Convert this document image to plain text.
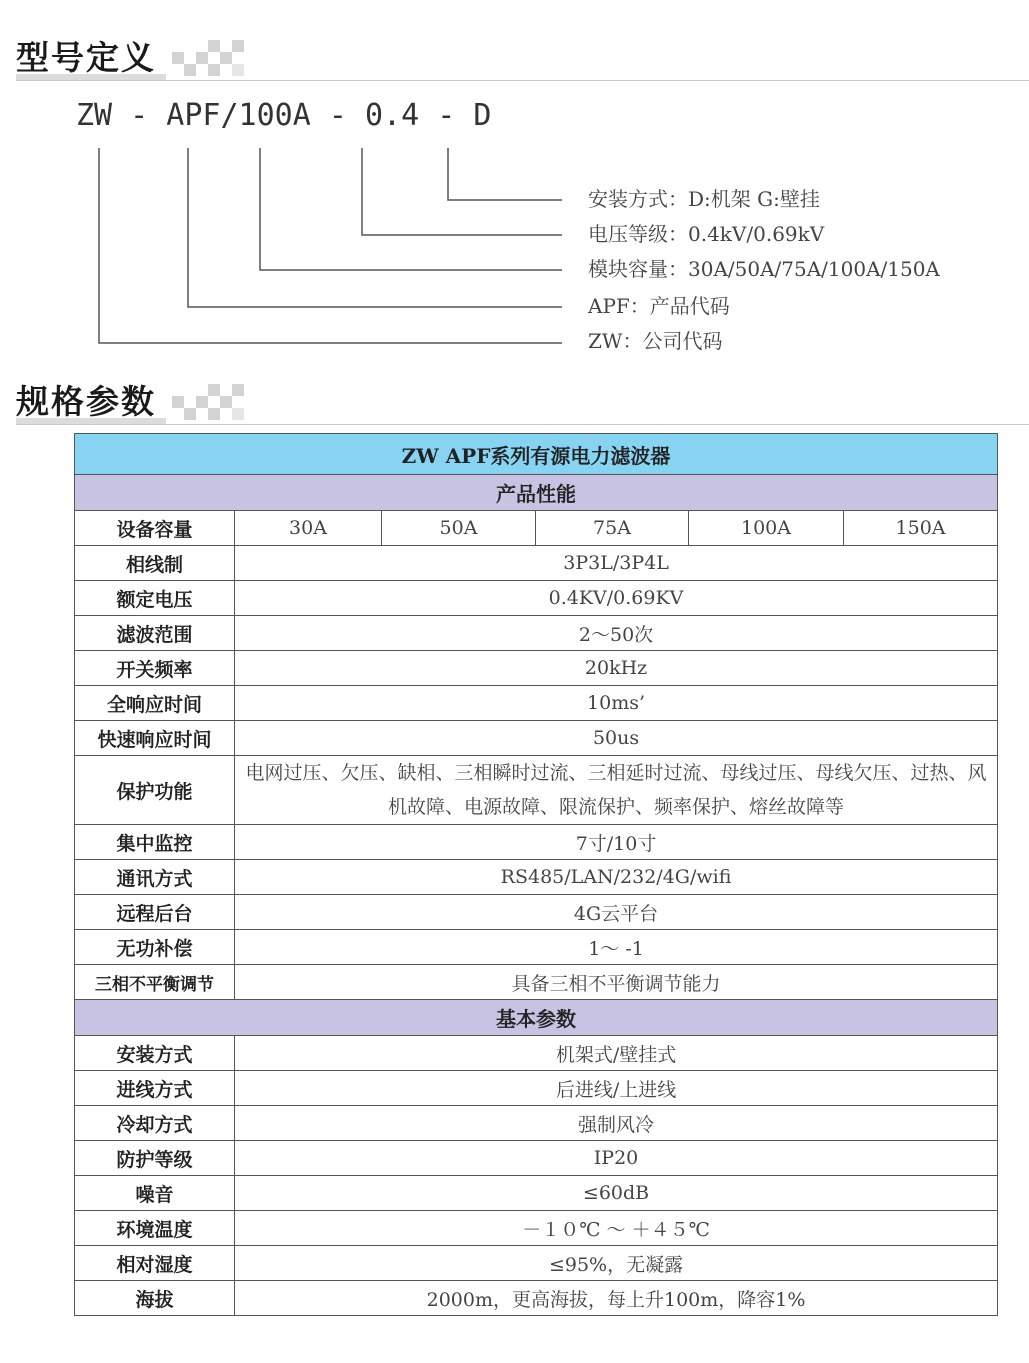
型号定义
ZW - APF/100A - 0.4 - D
安装方式：D:机架 G:壁挂
电压等级：0.4kV/0.69kV
模块容量：30A/50A/75A/100A/150A
APF：产品代码
ZW：公司代码
规格参数
ZW APF系列有源电力滤波器					
产品性能					
设备容量	30A	50A	75A	100A	150A
相线制	3P3L/3P4L				
额定电压	0.4KV/0.69KV				
滤波范围	2～50次				
开关频率	20kHz				
全响应时间	10ms’				
快速响应时间	50us				
保护功能	电网过压、欠压、缺相、三相瞬时过流、三相延时过流、母线过压、母线欠压、过热、风机故障、电源故障、限流保护、频率保护、熔丝故障等				
集中监控	7寸/10寸				
通讯方式	RS485/LAN/232/4G/wifi				
远程后台	4G云平台				
无功补偿	1～ -1				
三相不平衡调节	具备三相不平衡调节能力				
基本参数					
安装方式	机架式/壁挂式				
进线方式	后进线/上进线				
冷却方式	强制风冷				
防护等级	IP20				
噪音	≤60dB				
环境温度	－１０℃ ～ ＋４５℃				
相对湿度	≤95%，无凝露				
海拔	2000m，更高海拔，每上升100m，降容1%				
